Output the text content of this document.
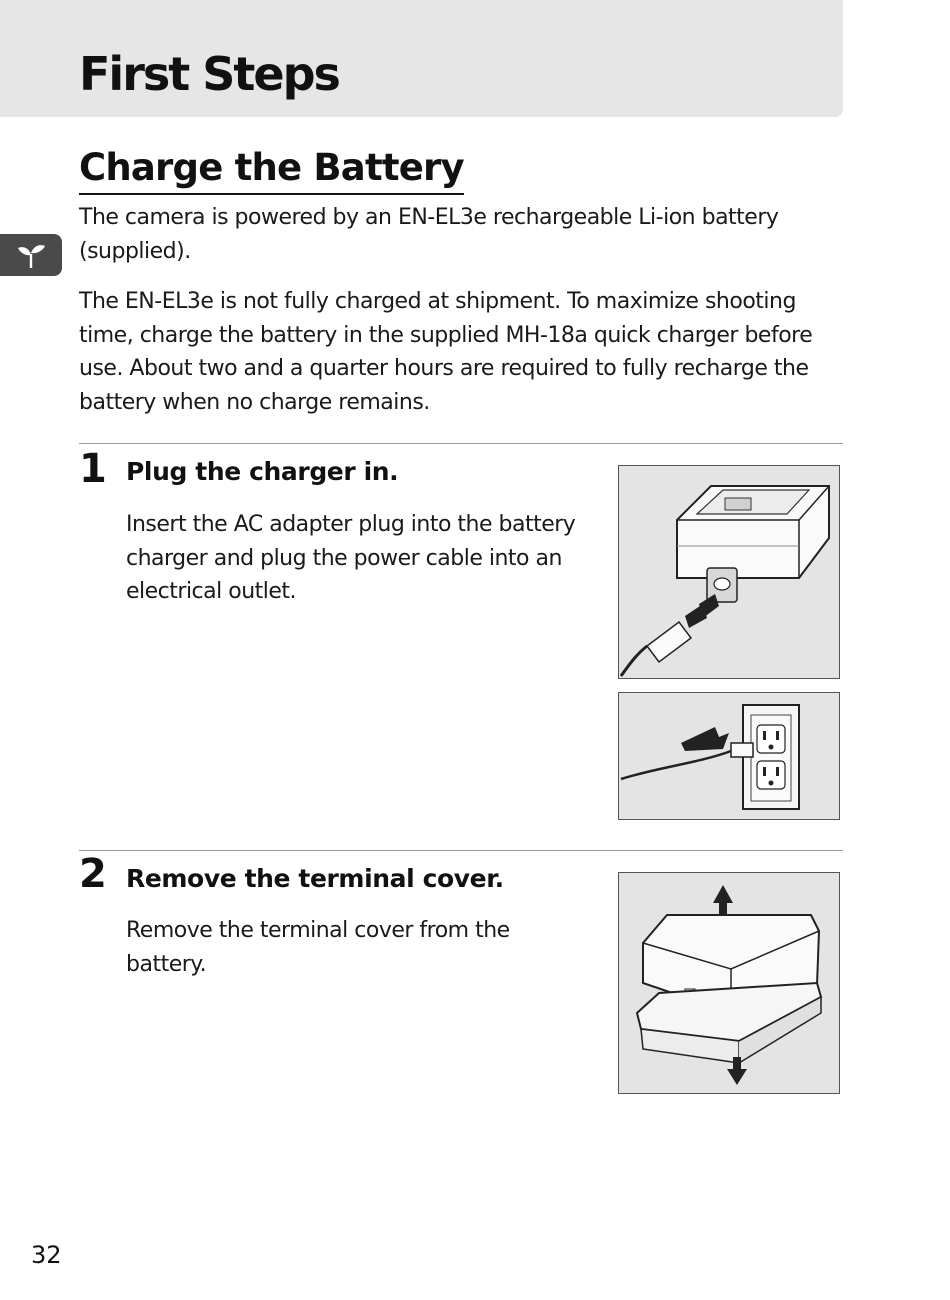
First Steps
Charge the Battery

The camera is powered by an EN-EL3e rechargeable Li-ion battery (supplied).

The EN-EL3e is not fully charged at shipment. To maximize shooting time, charge the battery in the supplied MH-18a quick charger before use. About two and a quarter hours are required to fully recharge the battery when no charge remains.

1 Plug the charger in.

Insert the AC adapter plug into the battery charger and plug the power cable into an electrical outlet.

2 Remove the terminal cover.

Remove the terminal cover from the battery.

32
